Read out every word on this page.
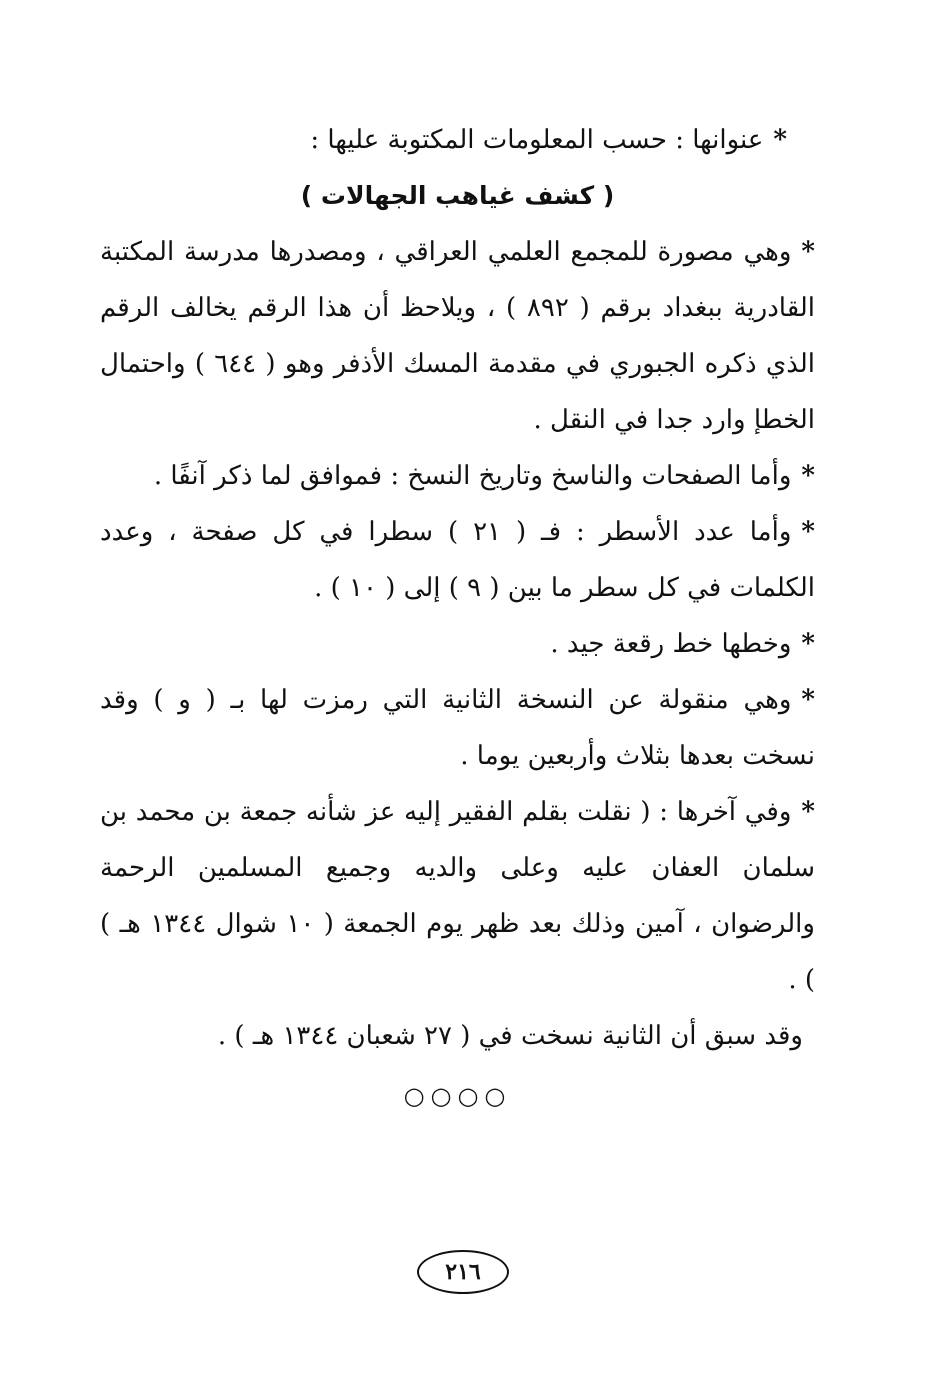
*عنوانها : حسب المعلومات المكتوبة عليها :

( كشف غياهب الجهالات )

*وهي مصورة للمجمع العلمي العراقي ، ومصدرها مدرسة المكتبة القادرية ببغداد برقم ( ٨٩٢ ) ، ويلاحظ أن هذا الرقم يخالف الرقم الذي ذكره الجبوري في مقدمة المسك الأذفر وهو ( ٦٤٤ ) واحتمال الخطإ وارد جدا في النقل .

*وأما الصفحات والناسخ وتاريخ النسخ : فموافق لما ذكر آنفًا .

*وأما عدد الأسطر : فـ ( ٢١ ) سطرا في كل صفحة ، وعدد الكلمات في كل سطر ما بين ( ٩ ) إلى ( ١٠ ) .

*وخطها خط رقعة جيد .

*وهي منقولة عن النسخة الثانية التي رمزت لها بـ ( و ) وقد نسخت بعدها بثلاث وأربعين يوما .

*وفي آخرها : ( نقلت بقلم الفقير إليه عز شأنه جمعة بن محمد بن سلمان العفان عليه وعلى والديه وجميع المسلمين الرحمة والرضوان ، آمين وذلك بعد ظهر يوم الجمعة ( ١٠ شوال ١٣٤٤ هـ ) ) .

وقد سبق أن الثانية نسخت في ( ٢٧ شعبان ١٣٤٤ هـ ) .

○○○○

٢١٦
